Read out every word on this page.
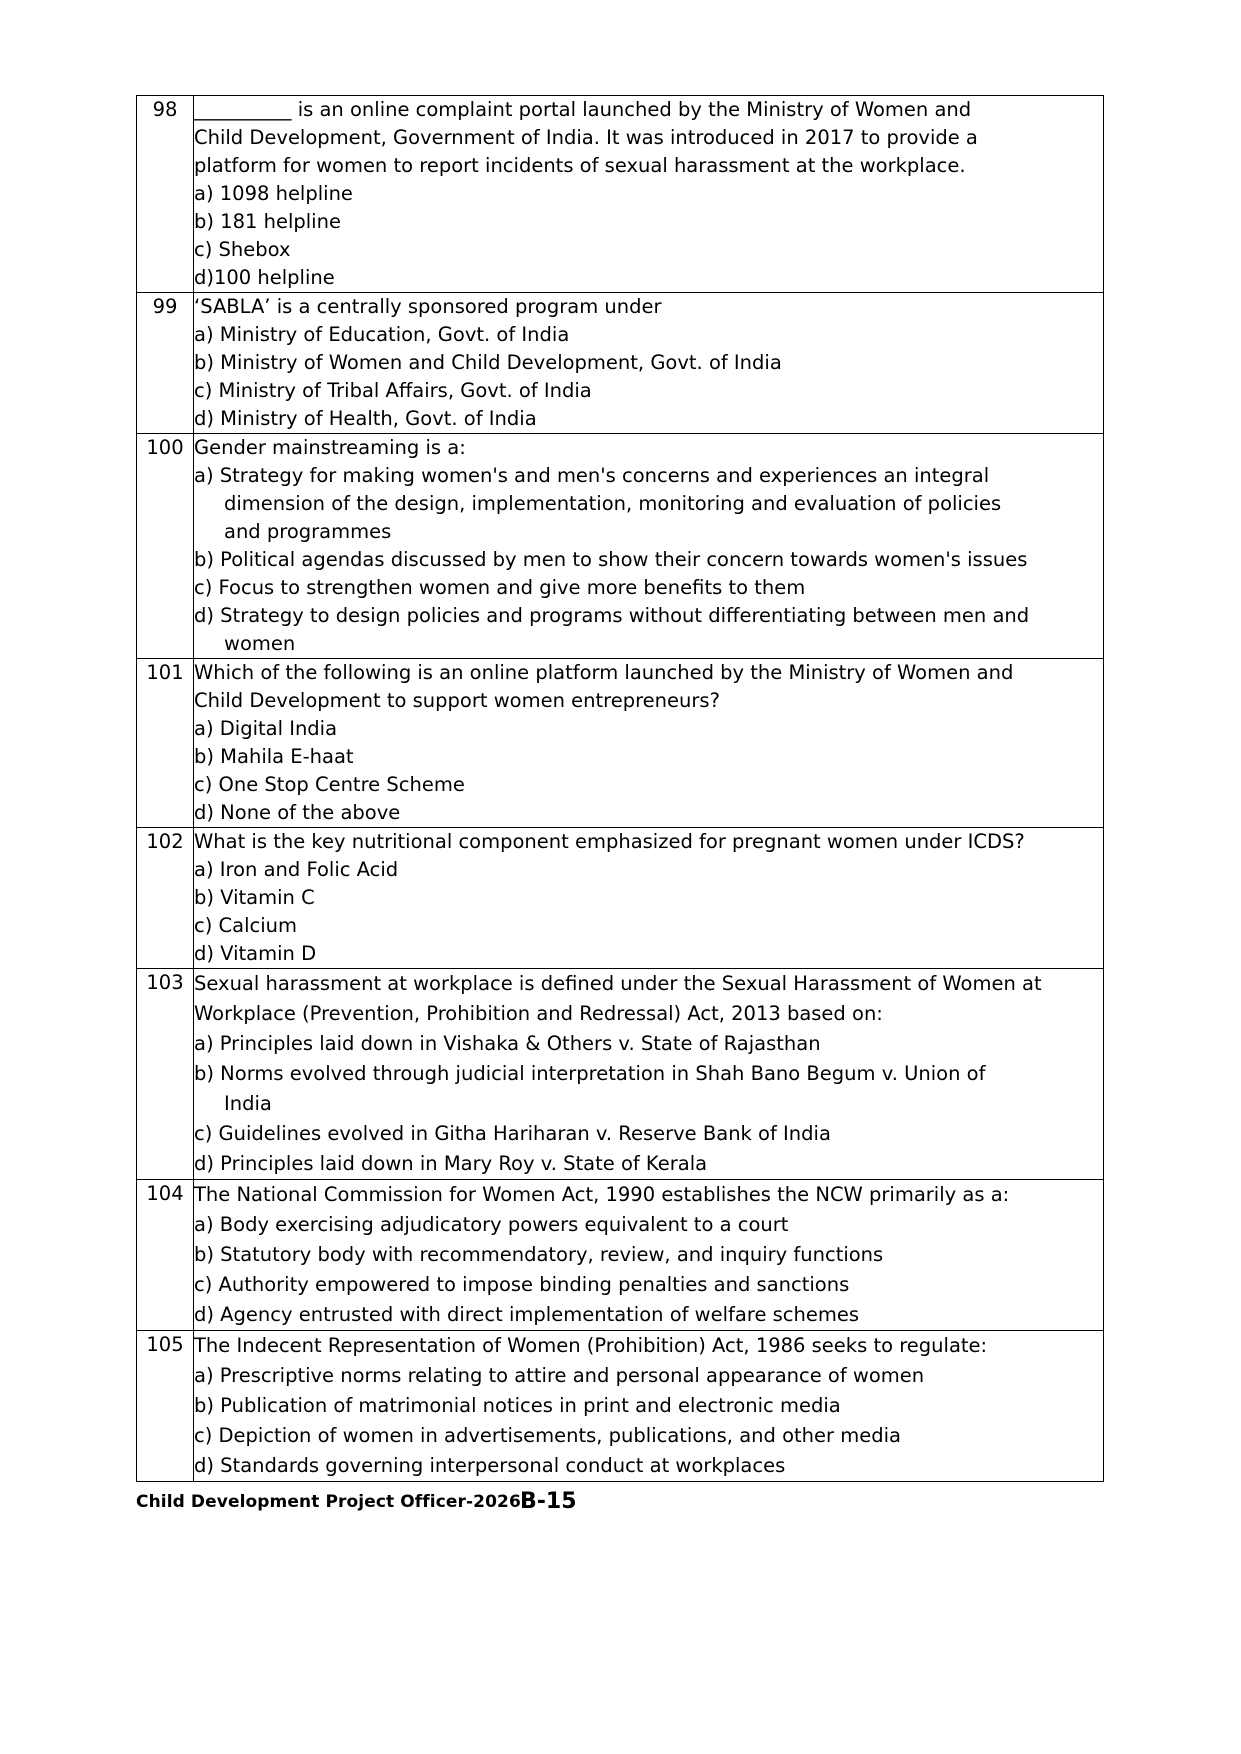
98	__________ is an online complaint portal launched by the Ministry of Women and
Child Development, Government of India. It was introduced in 2017 to provide a
platform for women to report incidents of sexual harassment at the workplace.
a) 1098 helpline
b) 181 helpline
c) Shebox
d)100 helpline

99	‘SABLA’ is a centrally sponsored program under
a) Ministry of Education, Govt. of India
b) Ministry of Women and Child Development, Govt. of India
c) Ministry of Tribal Affairs, Govt. of India
d) Ministry of Health, Govt. of India

100	Gender mainstreaming is a:
a) Strategy for making women's and men's concerns and experiences an integral
dimension of the design, implementation, monitoring and evaluation of policies
and programmes
b) Political agendas discussed by men to show their concern towards women's issues
c) Focus to strengthen women and give more benefits to them
d) Strategy to design policies and programs without differentiating between men and
women

101	Which of the following is an online platform launched by the Ministry of Women and
Child Development to support women entrepreneurs?
a) Digital India
b) Mahila E-haat
c) One Stop Centre Scheme
d) None of the above

102	What is the key nutritional component emphasized for pregnant women under ICDS?
a) Iron and Folic Acid
b) Vitamin C
c) Calcium
d) Vitamin D

103	Sexual harassment at workplace is defined under the Sexual Harassment of Women at
Workplace (Prevention, Prohibition and Redressal) Act, 2013 based on:
a) Principles laid down in Vishaka & Others v. State of Rajasthan
b) Norms evolved through judicial interpretation in Shah Bano Begum v. Union of
India
c) Guidelines evolved in Githa Hariharan v. Reserve Bank of India
d) Principles laid down in Mary Roy v. State of Kerala

104	The National Commission for Women Act, 1990 establishes the NCW primarily as a:
a) Body exercising adjudicatory powers equivalent to a court
b) Statutory body with recommendatory, review, and inquiry functions
c) Authority empowered to impose binding penalties and sanctions
d) Agency entrusted with direct implementation of welfare schemes

105	The Indecent Representation of Women (Prohibition) Act, 1986 seeks to regulate:
a) Prescriptive norms relating to attire and personal appearance of women
b) Publication of matrimonial notices in print and electronic media
c) Depiction of women in advertisements, publications, and other media
d) Standards governing interpersonal conduct at workplaces
Child Development Project Officer-2026 B-15
